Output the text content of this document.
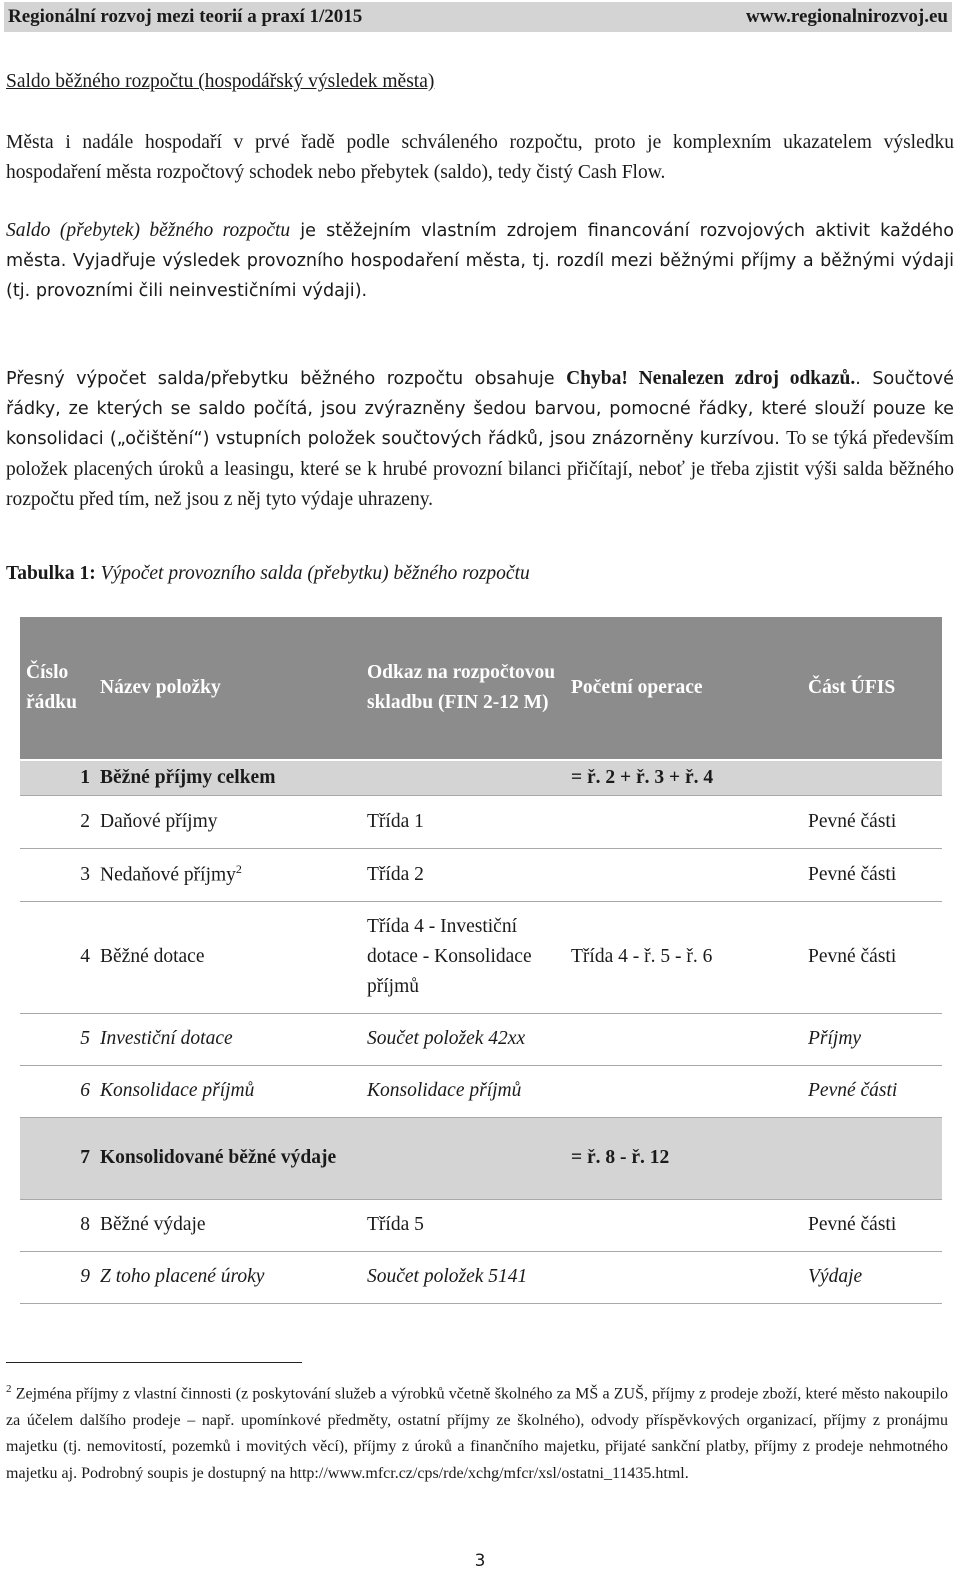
Regionální rozvoj mezi teorií a praxí 1/2015	www.regionalnirozvoj.eu
Saldo běžného rozpočtu (hospodářský výsledek města)
Města i nadále hospodaří v prvé řadě podle schváleného rozpočtu, proto je komplexním ukazatelem výsledku hospodaření města rozpočtový schodek nebo přebytek (saldo), tedy čistý Cash Flow.
Saldo (přebytek) běžného rozpočtu je stěžejním vlastním zdrojem financování rozvojových aktivit každého města. Vyjadřuje výsledek provozního hospodaření města, tj. rozdíl mezi běžnými příjmy a běžnými výdaji (tj. provozními čili neinvestičními výdaji).
Přesný výpočet salda/přebytku běžného rozpočtu obsahuje Chyba! Nenalezen zdroj odkazů.. Součtové řádky, ze kterých se saldo počítá, jsou zvýrazněny šedou barvou, pomocné řádky, které slouží pouze ke konsolidaci („očištění“) vstupních položek součtových řádků, jsou znázorněny kurzívou. To se týká především položek placených úroků a leasingu, které se k hrubé provozní bilanci přičítají, neboť je třeba zjistit výši salda běžného rozpočtu před tím, než jsou z něj tyto výdaje uhrazeny.
Tabulka 1: Výpočet provozního salda (přebytku) běžného rozpočtu
Číslo řádku	Název položky	Odkaz na rozpočtovou skladbu (FIN 2-12 M)	Početní operace	Část ÚFIS

1	Běžné příjmy celkem		= ř. 2 + ř. 3 + ř. 4	
2	Daňové příjmy	Třída 1		Pevné části
3	Nedaňové příjmy$^2$	Třída 2		Pevné části
4	Běžné dotace	Třída 4 - Investiční dotace - Konsolidace příjmů	Třída 4 - ř. 5 - ř. 6	Pevné části
5	Investiční dotace	Součet položek 42xx		Příjmy
6	Konsolidace příjmů	Konsolidace příjmů		Pevné části
7	Konsolidované běžné výdaje		= ř. 8 - ř. 12	
8	Běžné výdaje	Třída 5		Pevné části
9	Z toho placené úroky	Součet položek 5141		Výdaje
$^2$ Zejména příjmy z vlastní činnosti (z poskytování služeb a výrobků včetně školného za MŠ a ZUŠ, příjmy z prodeje zboží, které město nakoupilo za účelem dalšího prodeje – např. upomínkové předměty, ostatní příjmy ze školného), odvody příspěvkových organizací, příjmy z pronájmu majetku (tj. nemovitostí, pozemků i movitých věcí), příjmy z úroků a finančního majetku, přijaté sankční platby, příjmy z prodeje nehmotného majetku aj. Podrobný soupis je dostupný na http://www.mfcr.cz/cps/rde/xchg/mfcr/xsl/ostatni_11435.html.
3
